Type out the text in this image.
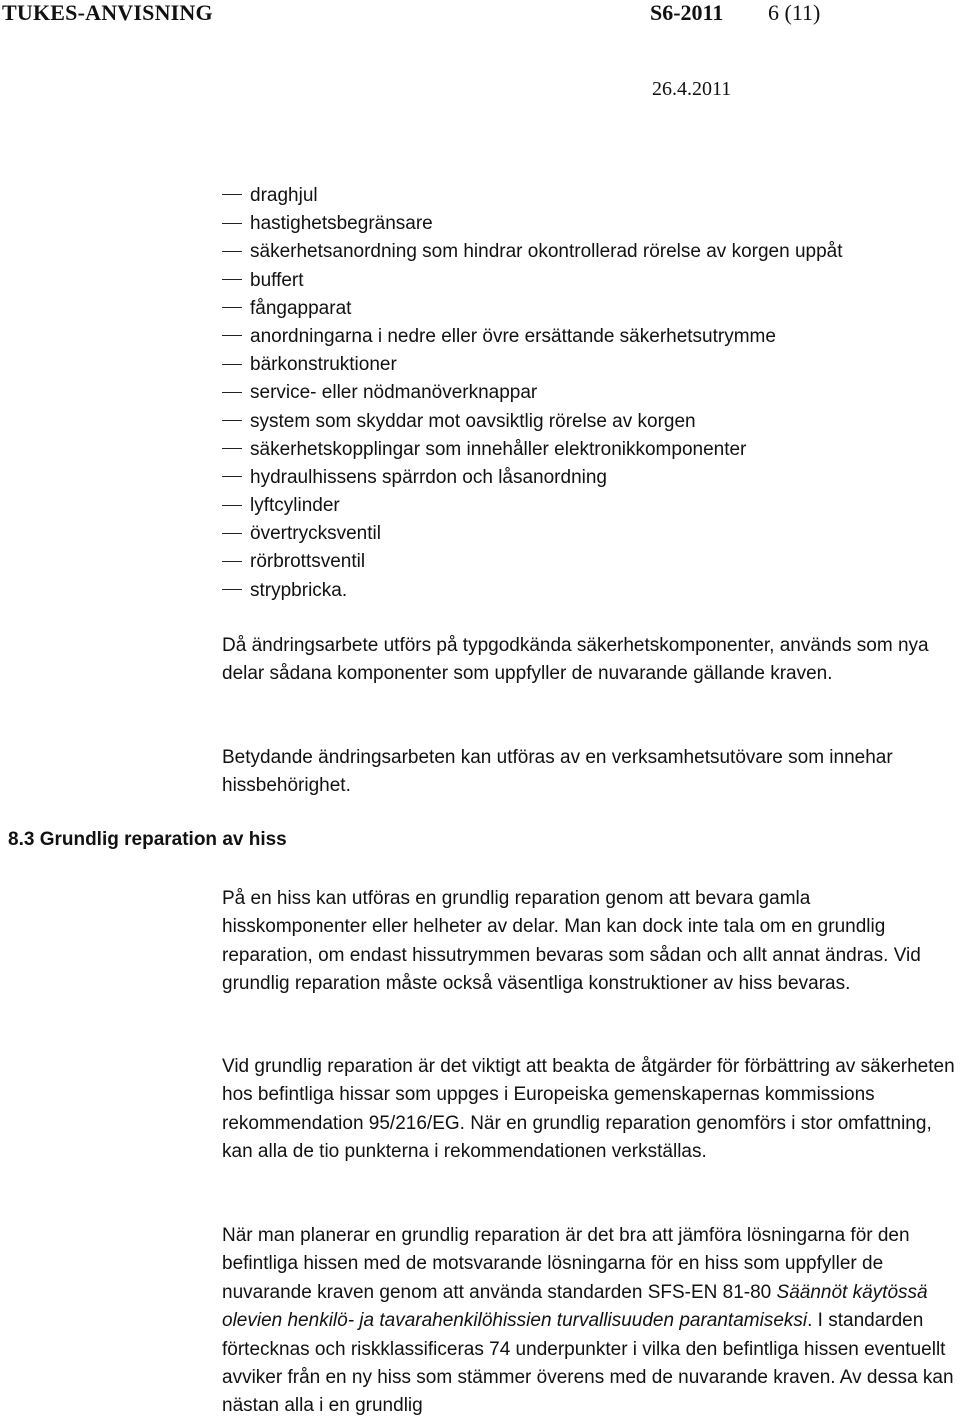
TUKES-ANVISNING	S6-2011 6 (11)
26.4.2011
draghjul
hastighetsbegränsare
säkerhetsanordning som hindrar okontrollerad rörelse av korgen uppåt
buffert
fångapparat
anordningarna i nedre eller övre ersättande säkerhetsutrymme
bärkonstruktioner
service- eller nödmanöverknappar
system som skyddar mot oavsiktlig rörelse av korgen
säkerhetskopplingar som innehåller elektronikkomponenter
hydraulhissens spärrdon och låsanordning
lyftcylinder
övertrycksventil
rörbrottsventil
strypbricka.

Då ändringsarbete utförs på typgodkända säkerhetskomponenter, används som nya delar sådana komponenter som uppfyller de nuvarande gällande kraven.

Betydande ändringsarbeten kan utföras av en verksamhetsutövare som innehar hissbehörighet.

8.3 Grundlig reparation av hiss

På en hiss kan utföras en grundlig reparation genom att bevara gamla hisskomponenter eller helheter av delar. Man kan dock inte tala om en grundlig reparation, om endast hissutrymmen bevaras som sådan och allt annat ändras. Vid grundlig reparation måste också väsentliga konstruktioner av hiss bevaras.

Vid grundlig reparation är det viktigt att beakta de åtgärder för förbättring av säkerheten hos befintliga hissar som uppges i Europeiska gemenskapernas kommissions rekommendation 95/216/EG. När en grundlig reparation genomförs i stor omfattning, kan alla de tio punkterna i rekommendationen verkställas.

När man planerar en grundlig reparation är det bra att jämföra lösningarna för den befintliga hissen med de motsvarande lösningarna för en hiss som uppfyller de nuvarande kraven genom att använda standarden SFS-EN 81-80 Säännöt käytössä olevien henkilö- ja tavarahenkilöhissien turvallisuuden parantamiseksi. I standarden förtecknas och riskklassificeras 74 underpunkter i vilka den befintliga hissen eventuellt avviker från en ny hiss som stämmer överens med de nuvarande kraven. Av dessa kan nästan alla i en grundlig
